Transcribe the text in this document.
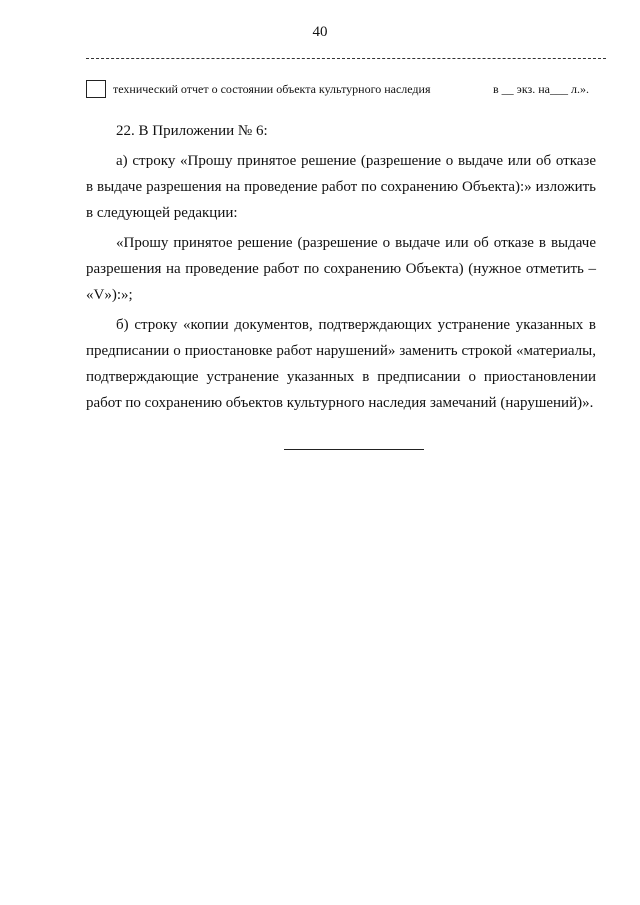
40
технический отчет о состоянии объекта культурного наследия	в __ экз. на___ л.».

22. В Приложении № 6:

а) строку «Прошу принятое решение (разрешение о выдаче или об отказе в выдаче разрешения на проведение работ по сохранению Объекта):» изложить в следующей редакции:

«Прошу принятое решение (разрешение о выдаче или об отказе в выдаче разрешения на проведение работ по сохранению Объекта) (нужное отметить – «V»):»;

б) строку «копии документов, подтверждающих устранение указанных в предписании о приостановке работ нарушений» заменить строкой «материалы, подтверждающие устранение указанных в предписании о приостановлении работ по сохранению объектов культурного наследия замечаний (нарушений)».
